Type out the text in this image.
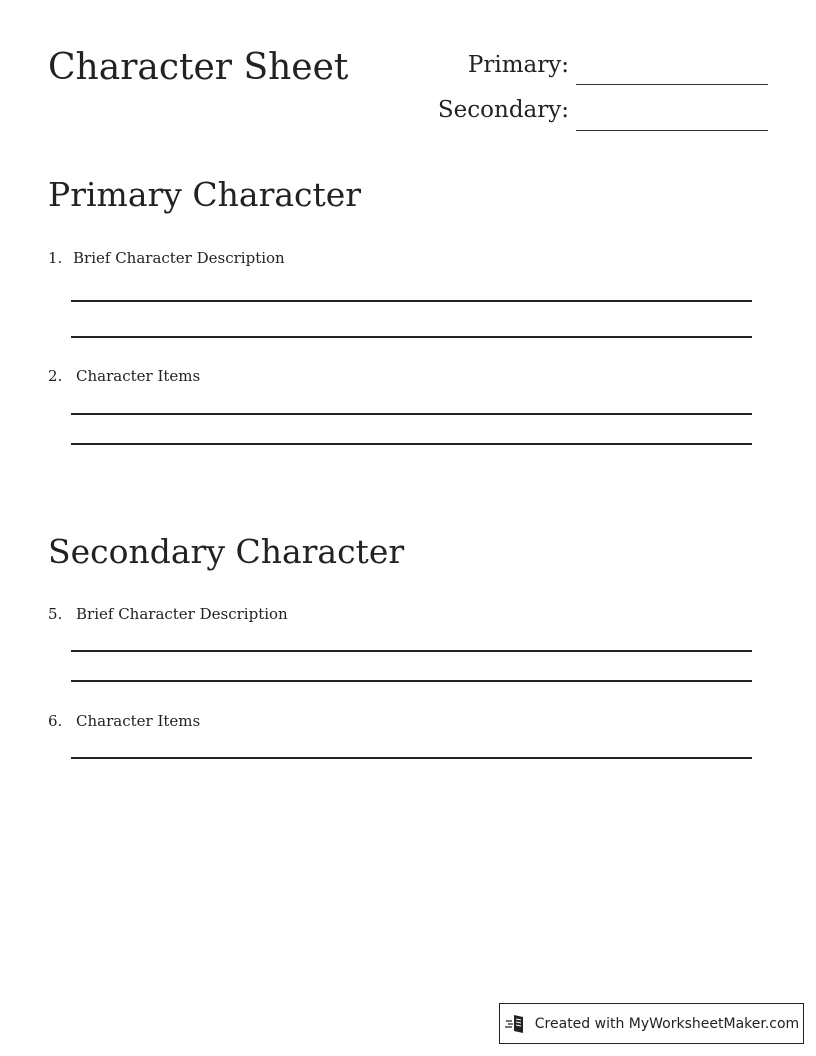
Character Sheet	Primary:
Secondary:
Primary Character
1. Brief Character Description
2. Character Items
Secondary Character
5. Brief Character Description
6. Character Items
Created with MyWorksheetMaker.com
